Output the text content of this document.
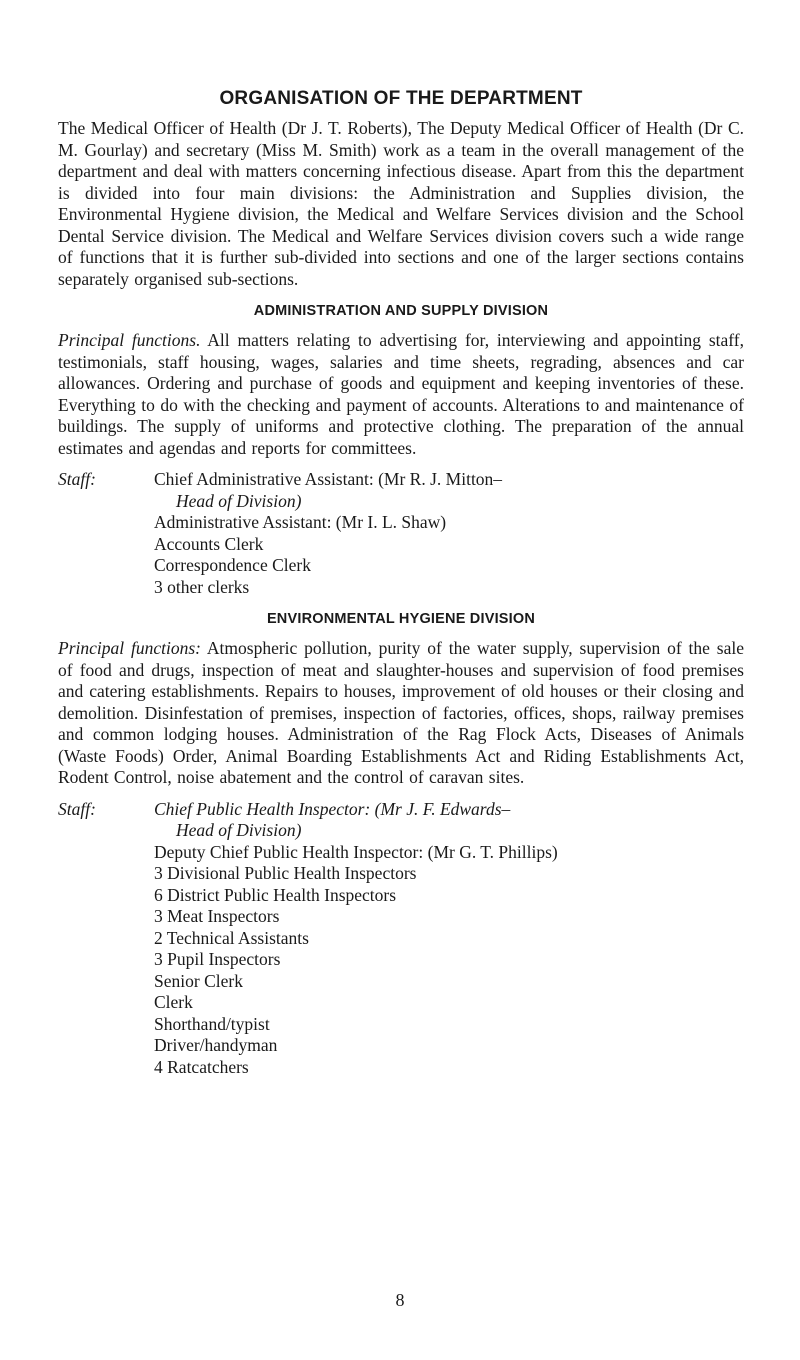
ORGANISATION OF THE DEPARTMENT

The Medical Officer of Health (Dr J. T. Roberts), The Deputy Medical Officer of Health (Dr C. M. Gourlay) and secretary (Miss M. Smith) work as a team in the overall management of the department and deal with matters concerning infectious disease. Apart from this the department is divided into four main divisions: the Administration and Supplies division, the Environmental Hygiene division, the Medical and Welfare Services division and the School Dental Service division. The Medical and Welfare Services division covers such a wide range of functions that it is further sub-divided into sections and one of the larger sections contains separately organised sub-sections.

ADMINISTRATION AND SUPPLY DIVISION

Principal functions. All matters relating to advertising for, interviewing and appointing staff, testimonials, staff housing, wages, salaries and time sheets, regrading, absences and car allowances. Ordering and purchase of goods and equipment and keeping inventories of these. Everything to do with the checking and payment of accounts. Alterations to and maintenance of buildings. The supply of uniforms and protective clothing. The preparation of the annual estimates and agendas and reports for committees.

Staff:	Chief Administrative Assistant: (Mr R. J. Mitton–
Head of Division)
Administrative Assistant: (Mr I. L. Shaw)
Accounts Clerk
Correspondence Clerk
3 other clerks
ENVIRONMENTAL HYGIENE DIVISION

Principal functions: Atmospheric pollution, purity of the water supply, supervision of the sale of food and drugs, inspection of meat and slaughter-houses and supervision of food premises and catering establishments. Repairs to houses, improvement of old houses or their closing and demolition. Disinfestation of premises, inspection of factories, offices, shops, railway premises and common lodging houses. Administration of the Rag Flock Acts, Diseases of Animals (Waste Foods) Order, Animal Boarding Establishments Act and Riding Establishments Act, Rodent Control, noise abatement and the control of caravan sites.

Staff:	Chief Public Health Inspector: (Mr J. F. Edwards–
Head of Division)
Deputy Chief Public Health Inspector: (Mr G. T. Phillips)
3 Divisional Public Health Inspectors
6 District Public Health Inspectors
3 Meat Inspectors
2 Technical Assistants
3 Pupil Inspectors
Senior Clerk
Clerk
Shorthand/typist
Driver/handyman
4 Ratcatchers
8
